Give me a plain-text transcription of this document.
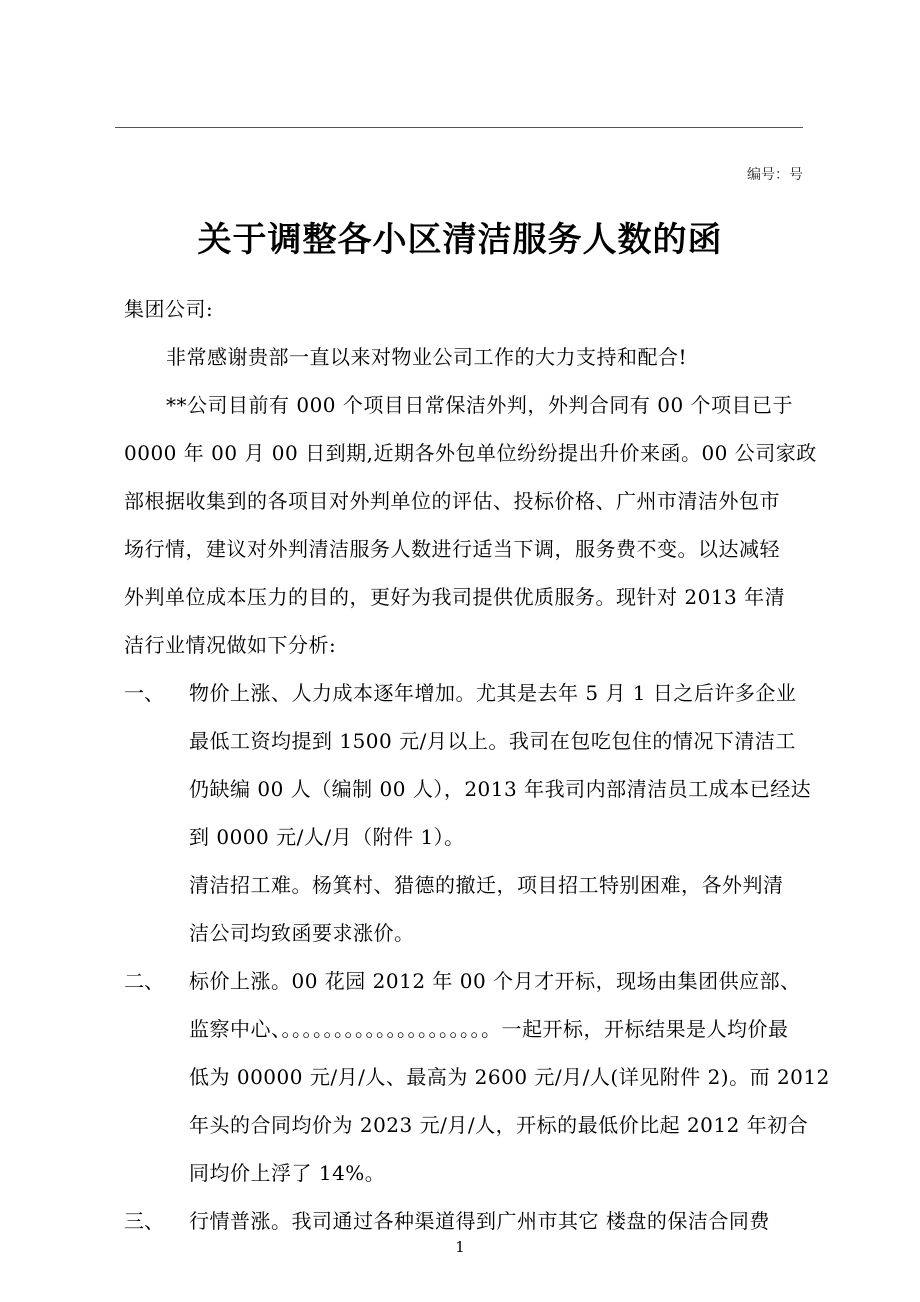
编号：号
关于调整各小区清洁服务人数的函
集团公司:
非常感谢贵部一直以来对物业公司工作的大力支持和配合!
**公司目前有 000 个项目日常保洁外判，外判合同有 00 个项目已于
0000 年 00 月 00 日到期,近期各外包单位纷纷提出升价来函。00 公司家政
部根据收集到的各项目对外判单位的评估、投标价格、广州市清洁外包市
场行情，建议对外判清洁服务人数进行适当下调，服务费不变。以达减轻
外判单位成本压力的目的，更好为我司提供优质服务。现针对 2013 年清
洁行业情况做如下分析:
一、 物价上涨、人力成本逐年增加。尤其是去年 5 月 1 日之后许多企业
最低工资均提到 1500 元/月以上。我司在包吃包住的情况下清洁工
仍缺编 00 人（编制 00 人），2013 年我司内部清洁员工成本已经达
到 0000 元/人/月（附件 1）。
清洁招工难。杨箕村、猎德的撤迁，项目招工特别困难，各外判清
洁公司均致函要求涨价。
二、 标价上涨。00 花园 2012 年 00 个月才开标，现场由集团供应部、
监察中心、。。。。。。。。。。。。。。。。。。。。一起开标，开标结果是人均价最
低为 00000 元/月/人、最高为 2600 元/月/人(详见附件 2)。而 2012
年头的合同均价为 2023 元/月/人，开标的最低价比起 2012 年初合
同均价上浮了 14%。
三、 行情普涨。我司通过各种渠道得到广州市其它 楼盘的保洁合同费
1
